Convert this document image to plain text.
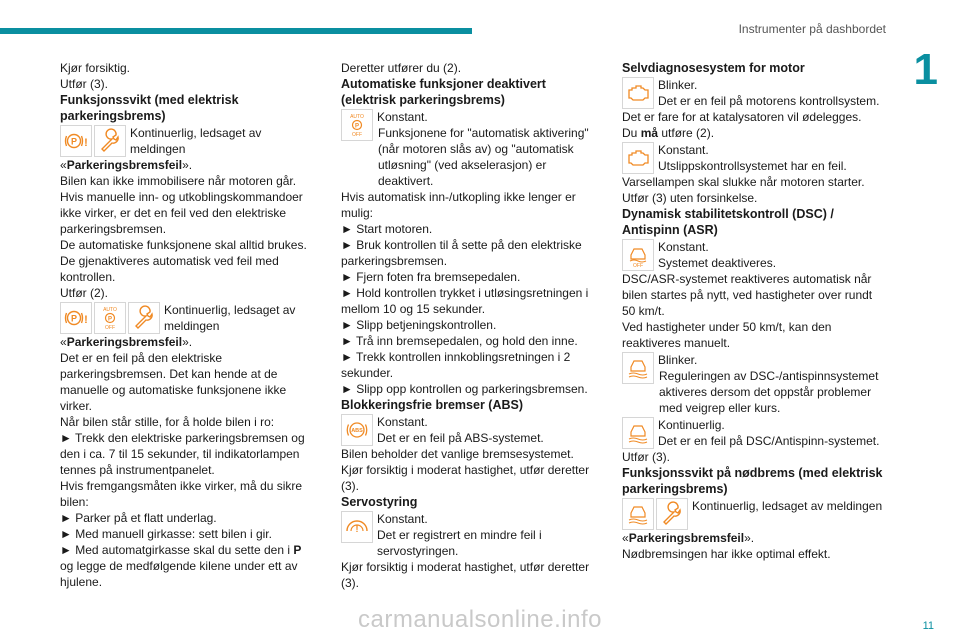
Instrumenter på dashbordet
1

Kjør forsiktig.

Utfør (3).

Funksjonssvikt (med elektrisk parkeringsbrems)

P !

Kontinuerlig, ledsaget av meldingen

«Parkeringsbremsfeil».

Bilen kan ikke immobilisere når motoren går.

Hvis manuelle inn- og utkoblingskommandoer ikke virker, er det en feil ved den elektriske parkeringsbremsen.

De automatiske funksjonene skal alltid brukes.

De gjenaktiveres automatisk ved feil med kontrollen.

Utfør (2).

P !
AUTO
P
OFF

Kontinuerlig, ledsaget av meldingen

«Parkeringsbremsfeil».

Det er en feil på den elektriske parkeringsbremsen. Det kan hende at de manuelle og automatiske funksjonene ikke virker.

Når bilen står stille, for å holde bilen i ro:

► Trekk den elektriske parkeringsbremsen og den i ca. 7 til 15 sekunder, til indikatorlampen tennes på instrumentpanelet.

Hvis fremgangsmåten ikke virker, må du sikre bilen:

► Parker på et flatt underlag.

► Med manuell girkasse: sett bilen i gir.

► Med automatgirkasse skal du sette den i P og legge de medfølgende kilene under ett av hjulene.

Deretter utfører du (2).

Automatiske funksjoner deaktivert (elektrisk parkeringsbrems)

AUTO
P
OFF

Konstant.

Funksjonene for "automatisk aktivering" (når motoren slås av) og "automatisk utløsning" (ved akselerasjon) er deaktivert.

Hvis automatisk inn-/utkopling ikke lenger er mulig:

► Start motoren.

► Bruk kontrollen til å sette på den elektriske parkeringsbremsen.

► Fjern foten fra bremsepedalen.

► Hold kontrollen trykket i utløsingsretningen i mellom 10 og 15 sekunder.

► Slipp betjeningskontrollen.

► Trå inn bremsepedalen, og hold den inne.

► Trekk kontrollen innkoblingsretningen i 2 sekunder.

► Slipp opp kontrollen og parkeringsbremsen.

Blokkeringsfrie bremser (ABS)

ABS

Konstant.

Det er en feil på ABS-systemet.

Bilen beholder det vanlige bremsesystemet.

Kjør forsiktig i moderat hastighet, utfør deretter (3).

Servostyring

!

Konstant.

Det er registrert en mindre feil i servostyringen.

Kjør forsiktig i moderat hastighet, utfør deretter (3).

Selvdiagnosesystem for motor

Blinker.

Det er en feil på motorens kontrollsystem.

Det er fare for at katalysatoren vil ødelegges.

Du må utføre (2).

Konstant.

Utslippskontrollsystemet har en feil.

Varsellampen skal slukke når motoren starter.

Utfør (3) uten forsinkelse.

Dynamisk stabilitetskontroll (DSC) / Antispinn (ASR)

OFF

Konstant.

Systemet deaktiveres.

DSC/ASR-systemet reaktiveres automatisk når bilen startes på nytt, ved hastigheter over rundt 50 km/t.

Ved hastigheter under 50 km/t, kan den reaktiveres manuelt.

Blinker.

Reguleringen av DSC-/antispinnsystemet aktiveres dersom det oppstår problemer med veigrep eller kurs.

Kontinuerlig.

Det er en feil på DSC/Antispinn-systemet.

Utfør (3).

Funksjonssvikt på nødbrems (med elektrisk parkeringsbrems)

Kontinuerlig, ledsaget av meldingen

«Parkeringsbremsfeil».

Nødbremsingen har ikke optimal effekt.

carmanualsonline.info	11
